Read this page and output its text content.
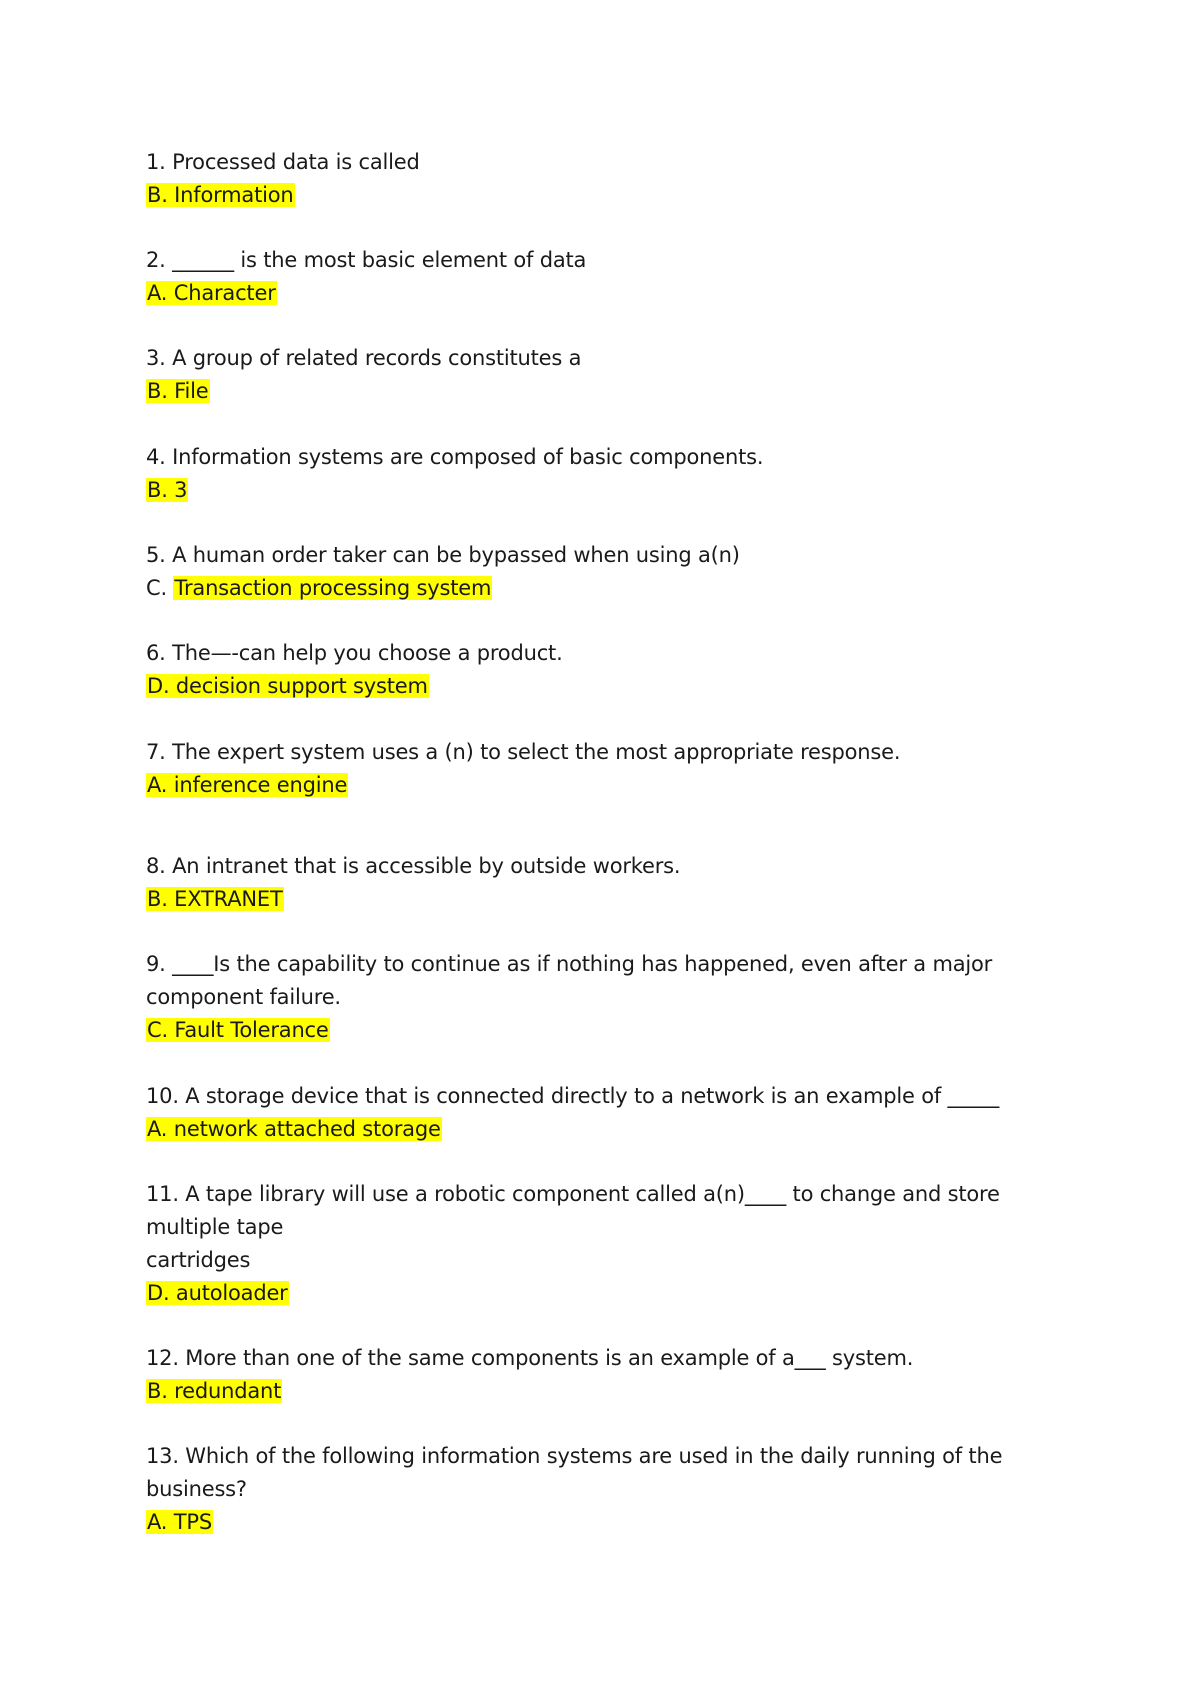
1. Processed data is called
B. Information
2. ______ is the most basic element of data
A. Character
3. A group of related records constitutes a
B. File
4. Information systems are composed of basic components.
B. 3
5. A human order taker can be bypassed when using a(n)
C. Transaction processing system
6. The—-can help you choose a product.
D. decision support system
7. The expert system uses a (n) to select the most appropriate response.
A. inference engine
8. An intranet that is accessible by outside workers.
B. EXTRANET
9. ____Is the capability to continue as if nothing has happened, even after a major
component failure.
C. Fault Tolerance
10. A storage device that is connected directly to a network is an example of _____
A. network attached storage
11. A tape library will use a robotic component called a(n)____ to change and store
multiple tape
cartridges
D. autoloader
12. More than one of the same components is an example of a___ system.
B. redundant
13. Which of the following information systems are used in the daily running of the
business?
A. TPS
